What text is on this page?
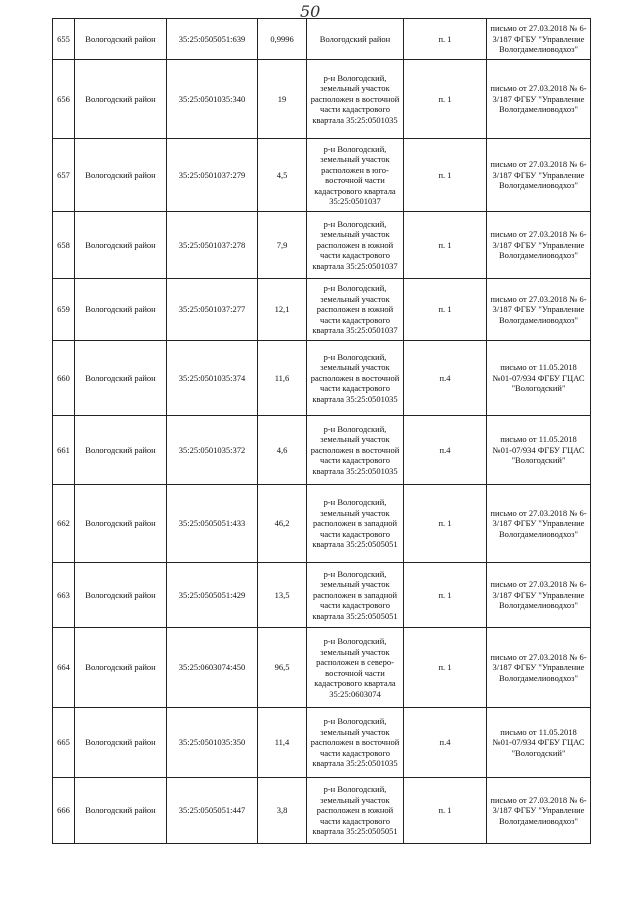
50
655	Вологодский район	35:25:0505051:639	0,9996	Вологодский район	п. 1	письмо от 27.03.2018 № 6-3/187 ФГБУ "Управление Вологдамелиоводхоз"
656	Вологодский район	35:25:0501035:340	19	р-н Вологодский, земельный участок расположен в восточной части кадастрового квартала 35:25:0501035	п. 1	письмо от 27.03.2018 № 6-3/187 ФГБУ "Управление Вологдамелиоводхоз"
657	Вологодский район	35:25:0501037:279	4,5	р-н Вологодский, земельный участок расположен в юго-восточной части кадастрового квартала 35:25:0501037	п. 1	письмо от 27.03.2018 № 6-3/187 ФГБУ "Управление Вологдамелиоводхоз"
658	Вологодский район	35:25:0501037:278	7,9	р-н Вологодский, земельный участок расположен в южной части кадастрового квартала 35:25:0501037	п. 1	письмо от 27.03.2018 № 6-3/187 ФГБУ "Управление Вологдамелиоводхоз"
659	Вологодский район	35:25:0501037:277	12,1	р-н Вологодский, земельный участок расположен в южной части кадастрового квартала 35:25:0501037	п. 1	письмо от 27.03.2018 № 6-3/187 ФГБУ "Управление Вологдамелиоводхоз"
660	Вологодский район	35:25:0501035:374	11,6	р-н Вологодский, земельный участок расположен в восточной части кадастрового квартала 35:25:0501035	п.4	письмо от 11.05.2018 №01-07/934 ФГБУ ГЦАС "Вологодский"
661	Вологодский район	35:25:0501035:372	4,6	р-н Вологодский, земельный участок расположен в восточной части кадастрового квартала 35:25:0501035	п.4	письмо от 11.05.2018 №01-07/934 ФГБУ ГЦАС "Вологодский"
662	Вологодский район	35:25:0505051:433	46,2	р-н Вологодский, земельный участок расположен в западной части кадастрового квартала 35:25:0505051	п. 1	письмо от 27.03.2018 № 6-3/187 ФГБУ "Управление Вологдамелиоводхоз"
663	Вологодский район	35:25:0505051:429	13,5	р-н Вологодский, земельный участок расположен в западной части кадастрового квартала 35:25:0505051	п. 1	письмо от 27.03.2018 № 6-3/187 ФГБУ "Управление Вологдамелиоводхоз"
664	Вологодский район	35:25:0603074:450	96,5	р-н Вологодский, земельный участок расположен в северо-восточной части кадастрового квартала 35:25:0603074	п. 1	письмо от 27.03.2018 № 6-3/187 ФГБУ "Управление Вологдамелиоводхоз"
665	Вологодский район	35:25:0501035:350	11,4	р-н Вологодский, земельный участок расположен в восточной части кадастрового квартала 35:25:0501035	п.4	письмо от 11.05.2018 №01-07/934 ФГБУ ГЦАС "Вологодский"
666	Вологодский район	35:25:0505051:447	3,8	р-н Вологодский, земельный участок расположен в южной части кадастрового квартала 35:25:0505051	п. 1	письмо от 27.03.2018 № 6-3/187 ФГБУ "Управление Вологдамелиоводхоз"
